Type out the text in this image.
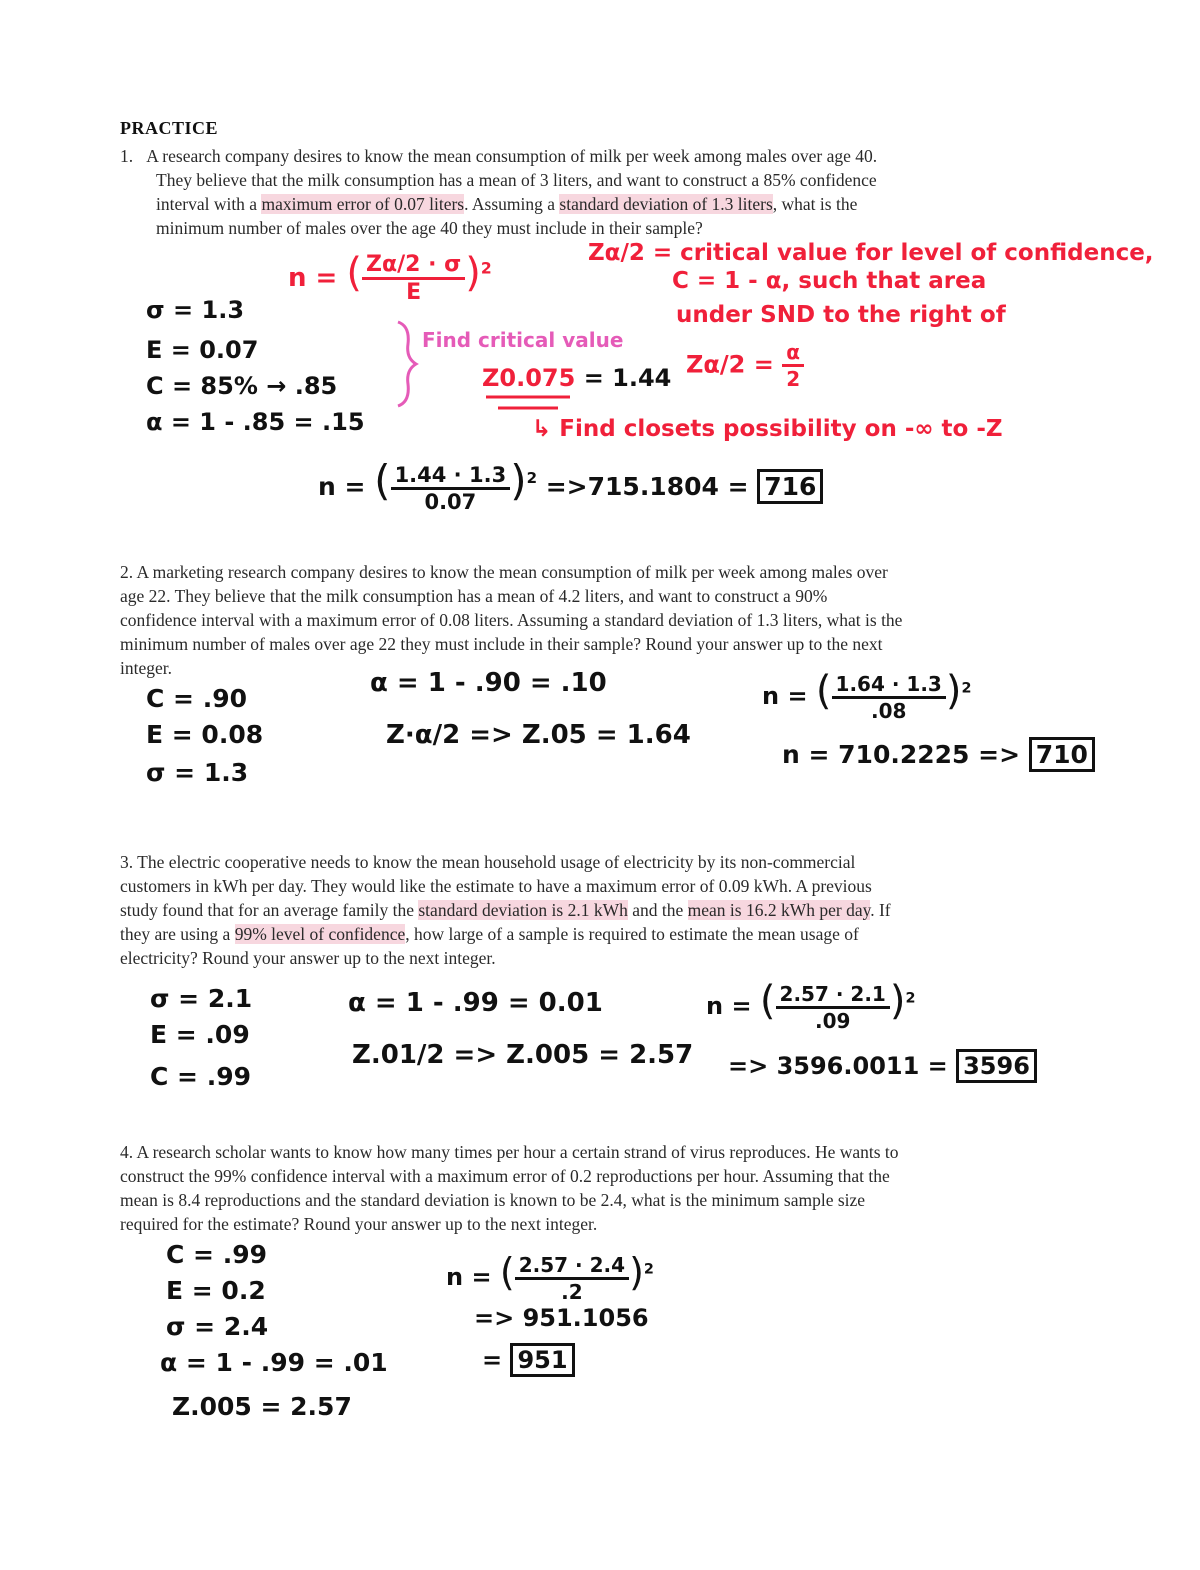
PRACTICE
1. A research company desires to know the mean consumption of milk per week among males over age 40.
They believe that the milk consumption has a mean of 3 liters, and want to construct a 85% confidence
interval with a maximum error of 0.07 liters. Assuming a standard deviation of 1.3 liters, what is the
minimum number of males over the age 40 they must include in their sample?
n = ( $\frac{Z\alpha/2 \cdot \sigma}{E} )^2$
Zα/2 = critical value for level of confidence,
C = 1 - α, such that area
under SND to the right of
$Z\alpha/2 = \frac{\alpha}{2}$
σ = 1.3
E = 0.07
C = 85% → .85
α = 1 - .85 = .15
Find critical value
Z0.075 = 1.44
↳ Find closets possibility on -∞ to -Z
n = ( $\frac{1.44 \cdot 1.3}{0.07} )^2 =>715.1804 = 716$
2. A marketing research company desires to know the mean consumption of milk per week among males over
age 22. They believe that the milk consumption has a mean of 4.2 liters, and want to construct a 90%
confidence interval with a maximum error of 0.08 liters. Assuming a standard deviation of 1.3 liters, what is the
minimum number of males over age 22 they must include in their sample? Round your answer up to the next
integer.
C = .90
E = 0.08
σ = 1.3
α = 1 - .90 = .10
Z·α/2 => Z.05 = 1.64
n = ( $\frac{1.64 \cdot 1.3}{.08} )^2$
n = 710.2225 => 710
3. The electric cooperative needs to know the mean household usage of electricity by its non-commercial
customers in kWh per day. They would like the estimate to have a maximum error of 0.09 kWh. A previous
study found that for an average family the standard deviation is 2.1 kWh and the mean is 16.2 kWh per day. If
they are using a 99% level of confidence, how large of a sample is required to estimate the mean usage of
electricity? Round your answer up to the next integer.
σ = 2.1
E = .09
C = .99
α = 1 - .99 = 0.01
Z.01/2 => Z.005 = 2.57
n = ( $\frac{2.57 \cdot 2.1}{.09} )^2$
=> 3596.0011 = 3596
4. A research scholar wants to know how many times per hour a certain strand of virus reproduces. He wants to
construct the 99% confidence interval with a maximum error of 0.2 reproductions per hour. Assuming that the
mean is 8.4 reproductions and the standard deviation is known to be 2.4, what is the minimum sample size
required for the estimate? Round your answer up to the next integer.
C = .99
E = 0.2
σ = 2.4
α = 1 - .99 = .01
Z.005 = 2.57
n = ( $\frac{2.57 \cdot 2.4}{.2} )^2$
=> 951.1056
= 951
